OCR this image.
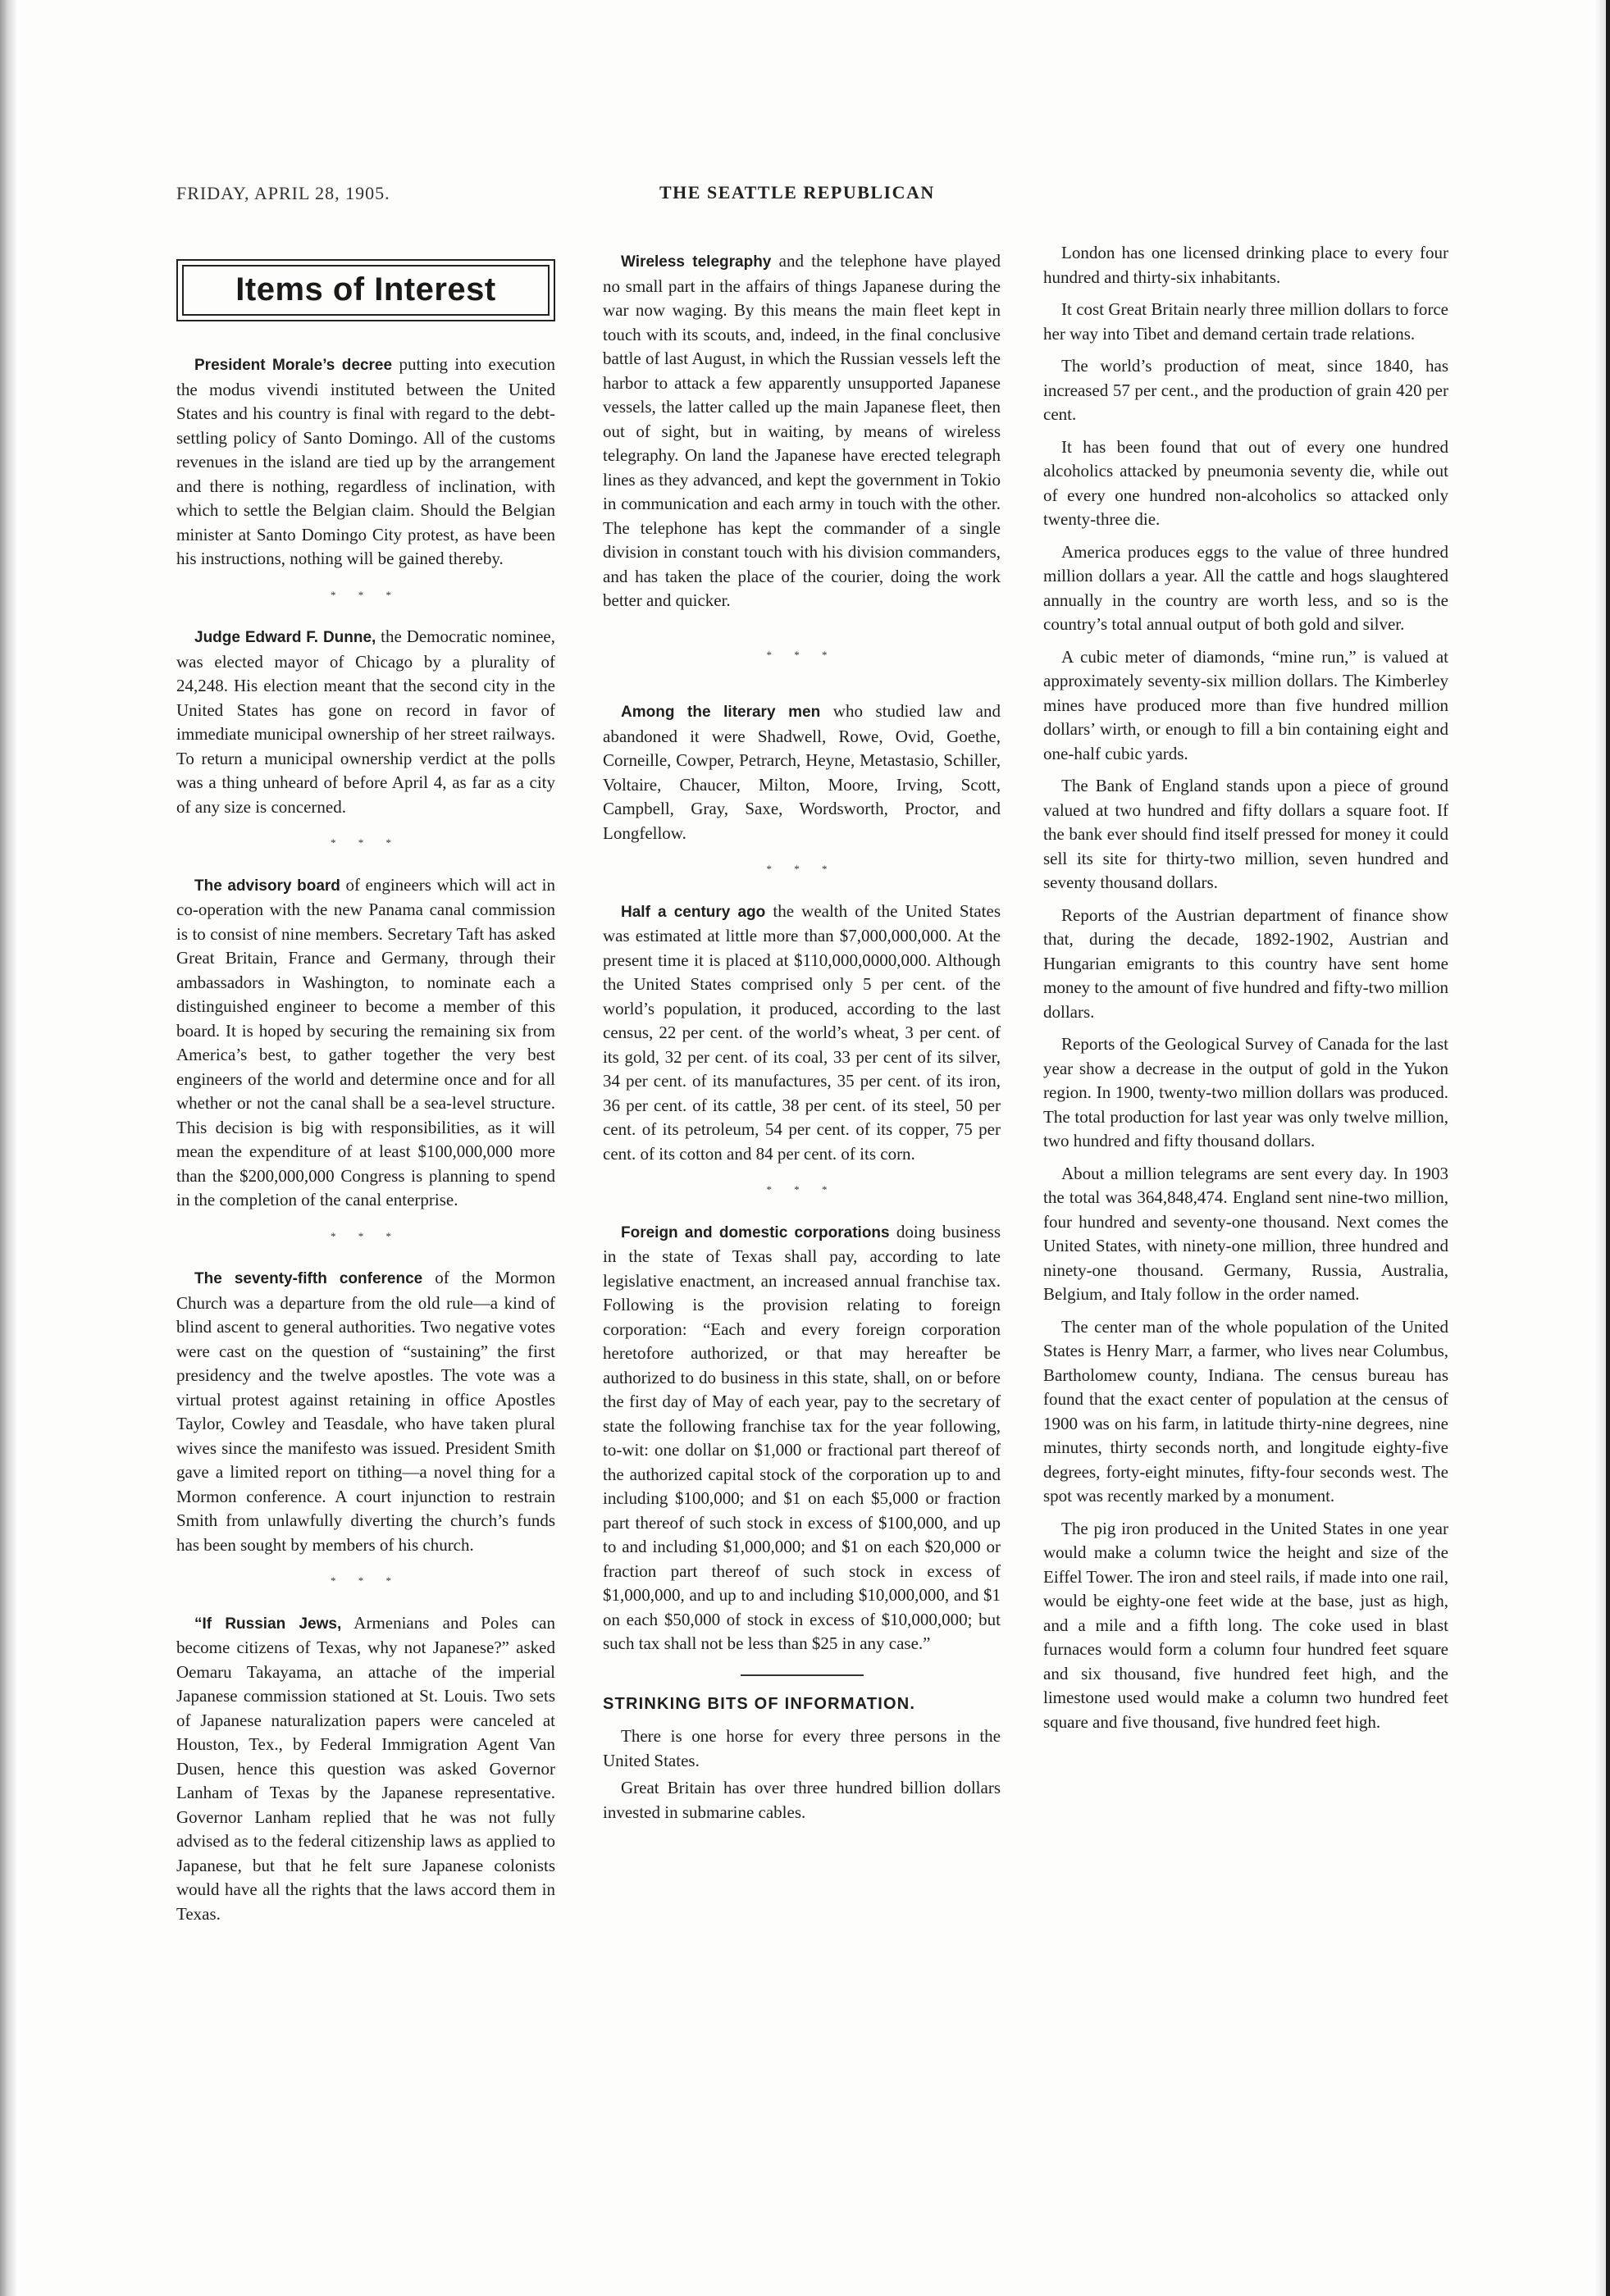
FRIDAY, APRIL 28, 1905.	THE SEATTLE REPUBLICAN
Items of Interest

President Morale’s decree putting into execution the modus vivendi instituted between the United States and his country is final with regard to the debt-settling policy of Santo Domingo. All of the customs revenues in the island are tied up by the arrangement and there is nothing, regardless of inclination, with which to settle the Belgian claim. Should the Belgian minister at Santo Domingo City protest, as have been his instructions, nothing will be gained thereby.

* * *

Judge Edward F. Dunne, the Democratic nominee, was elected mayor of Chicago by a plurality of 24,248. His election meant that the second city in the United States has gone on record in favor of immediate municipal ownership of her street railways. To return a municipal ownership verdict at the polls was a thing unheard of before April 4, as far as a city of any size is concerned.

* * *

The advisory board of engineers which will act in co-operation with the new Panama canal commission is to consist of nine members. Secretary Taft has asked Great Britain, France and Germany, through their ambassadors in Washington, to nominate each a distinguished engineer to become a member of this board. It is hoped by securing the remaining six from America’s best, to gather together the very best engineers of the world and determine once and for all whether or not the canal shall be a sea-level structure. This decision is big with responsibilities, as it will mean the expenditure of at least $100,000,000 more than the $200,000,000 Congress is planning to spend in the completion of the canal enterprise.

* * *

The seventy-fifth conference of the Mormon Church was a departure from the old rule—a kind of blind ascent to general authorities. Two negative votes were cast on the question of “sustaining” the first presidency and the twelve apostles. The vote was a virtual protest against retaining in office Apostles Taylor, Cowley and Teasdale, who have taken plural wives since the manifesto was issued. President Smith gave a limited report on tithing—a novel thing for a Mormon conference. A court injunction to restrain Smith from unlawfully diverting the church’s funds has been sought by members of his church.

* * *

“If Russian Jews, Armenians and Poles can become citizens of Texas, why not Japanese?” asked Oemaru Takayama, an attache of the imperial Japanese commission stationed at St. Louis. Two sets of Japanese naturalization papers were canceled at Houston, Tex., by Federal Immigration Agent Van Dusen, hence this question was asked Governor Lanham of Texas by the Japanese representative. Governor Lanham replied that he was not fully advised as to the federal citizenship laws as applied to Japanese, but that he felt sure Japanese colonists would have all the rights that the laws accord them in Texas.

Wireless telegraphy and the telephone have played no small part in the affairs of things Japanese during the war now waging. By this means the main fleet kept in touch with its scouts, and, indeed, in the final conclusive battle of last August, in which the Russian vessels left the harbor to attack a few apparently unsupported Japanese vessels, the latter called up the main Japanese fleet, then out of sight, but in waiting, by means of wireless telegraphy. On land the Japanese have erected telegraph lines as they advanced, and kept the government in Tokio in communication and each army in touch with the other. The telephone has kept the commander of a single division in constant touch with his division commanders, and has taken the place of the courier, doing the work better and quicker.

* * *

Among the literary men who studied law and abandoned it were Shadwell, Rowe, Ovid, Goethe, Corneille, Cowper, Petrarch, Heyne, Metastasio, Schiller, Voltaire, Chaucer, Milton, Moore, Irving, Scott, Campbell, Gray, Saxe, Wordsworth, Proctor, and Longfellow.

* * *

Half a century ago the wealth of the United States was estimated at little more than $7,000,000,000. At the present time it is placed at $110,000,0000,000. Although the United States comprised only 5 per cent. of the world’s population, it produced, according to the last census, 22 per cent. of the world’s wheat, 3 per cent. of its gold, 32 per cent. of its coal, 33 per cent of its silver, 34 per cent. of its manufactures, 35 per cent. of its iron, 36 per cent. of its cattle, 38 per cent. of its steel, 50 per cent. of its petroleum, 54 per cent. of its copper, 75 per cent. of its cotton and 84 per cent. of its corn.

* * *

Foreign and domestic corporations doing business in the state of Texas shall pay, according to late legislative enactment, an increased annual franchise tax. Following is the provision relating to foreign corporation: “Each and every foreign corporation heretofore authorized, or that may hereafter be authorized to do business in this state, shall, on or before the first day of May of each year, pay to the secretary of state the following franchise tax for the year following, to-wit: one dollar on $1,000 or fractional part thereof of the authorized capital stock of the corporation up to and including $100,000; and $1 on each $5,000 or fraction part thereof of such stock in excess of $100,000, and up to and including $1,000,000; and $1 on each $20,000 or fraction part thereof of such stock in excess of $1,000,000, and up to and including $10,000,000, and $1 on each $50,000 of stock in excess of $10,000,000; but such tax shall not be less than $25 in any case.”

STRINKING BITS OF INFORMATION.

There is one horse for every three persons in the United States.

Great Britain has over three hundred billion dollars invested in submarine cables.

London has one licensed drinking place to every four hundred and thirty-six inhabitants.

It cost Great Britain nearly three million dollars to force her way into Tibet and demand certain trade relations.

The world’s production of meat, since 1840, has increased 57 per cent., and the production of grain 420 per cent.

It has been found that out of every one hundred alcoholics attacked by pneumonia seventy die, while out of every one hundred non-alcoholics so attacked only twenty-three die.

America produces eggs to the value of three hundred million dollars a year. All the cattle and hogs slaughtered annually in the country are worth less, and so is the country’s total annual output of both gold and silver.

A cubic meter of diamonds, “mine run,” is valued at approximately seventy-six million dollars. The Kimberley mines have produced more than five hundred million dollars’ wirth, or enough to fill a bin containing eight and one-half cubic yards.

The Bank of England stands upon a piece of ground valued at two hundred and fifty dollars a square foot. If the bank ever should find itself pressed for money it could sell its site for thirty-two million, seven hundred and seventy thousand dollars.

Reports of the Austrian department of finance show that, during the decade, 1892-1902, Austrian and Hungarian emigrants to this country have sent home money to the amount of five hundred and fifty-two million dollars.

Reports of the Geological Survey of Canada for the last year show a decrease in the output of gold in the Yukon region. In 1900, twenty-two million dollars was produced. The total production for last year was only twelve million, two hundred and fifty thousand dollars.

About a million telegrams are sent every day. In 1903 the total was 364,848,474. England sent nine-two million, four hundred and seventy-one thousand. Next comes the United States, with ninety-one million, three hundred and ninety-one thousand. Germany, Russia, Australia, Belgium, and Italy follow in the order named.

The center man of the whole population of the United States is Henry Marr, a farmer, who lives near Columbus, Bartholomew county, Indiana. The census bureau has found that the exact center of population at the census of 1900 was on his farm, in latitude thirty-nine degrees, nine minutes, thirty seconds north, and longitude eighty-five degrees, forty-eight minutes, fifty-four seconds west. The spot was recently marked by a monument.

The pig iron produced in the United States in one year would make a column twice the height and size of the Eiffel Tower. The iron and steel rails, if made into one rail, would be eighty-one feet wide at the base, just as high, and a mile and a fifth long. The coke used in blast furnaces would form a column four hundred feet square and six thousand, five hundred feet high, and the limestone used would make a column two hundred feet square and five thousand, five hundred feet high.
